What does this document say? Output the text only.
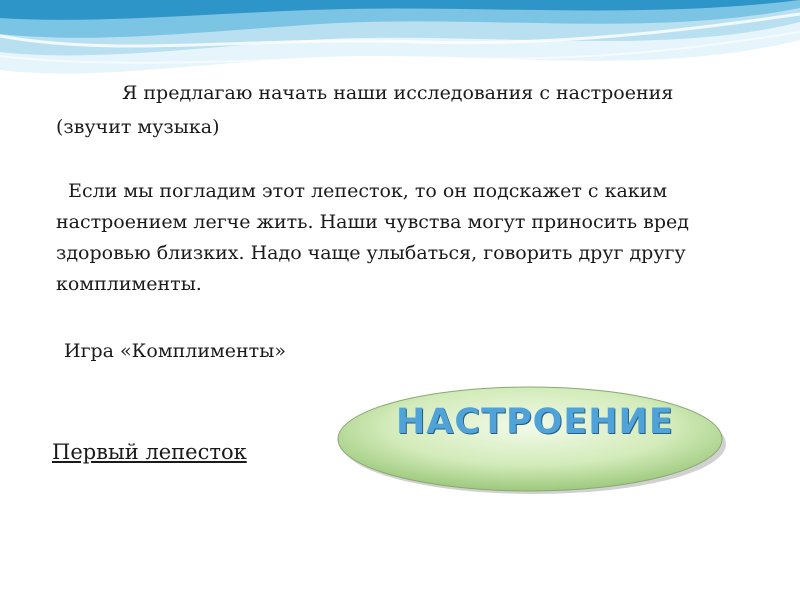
Я предлагаю начать наши исследования с настроения

(звучит музыка)

Если мы погладим этот лепесток, то он подскажет с каким настроением легче жить. Наши чувства могут приносить вред здоровью близких. Надо чаще улыбаться, говорить друг другу комплименты.

Игра «Комплименты»

Первый лепесток

НАСТРОЕНИЕ
